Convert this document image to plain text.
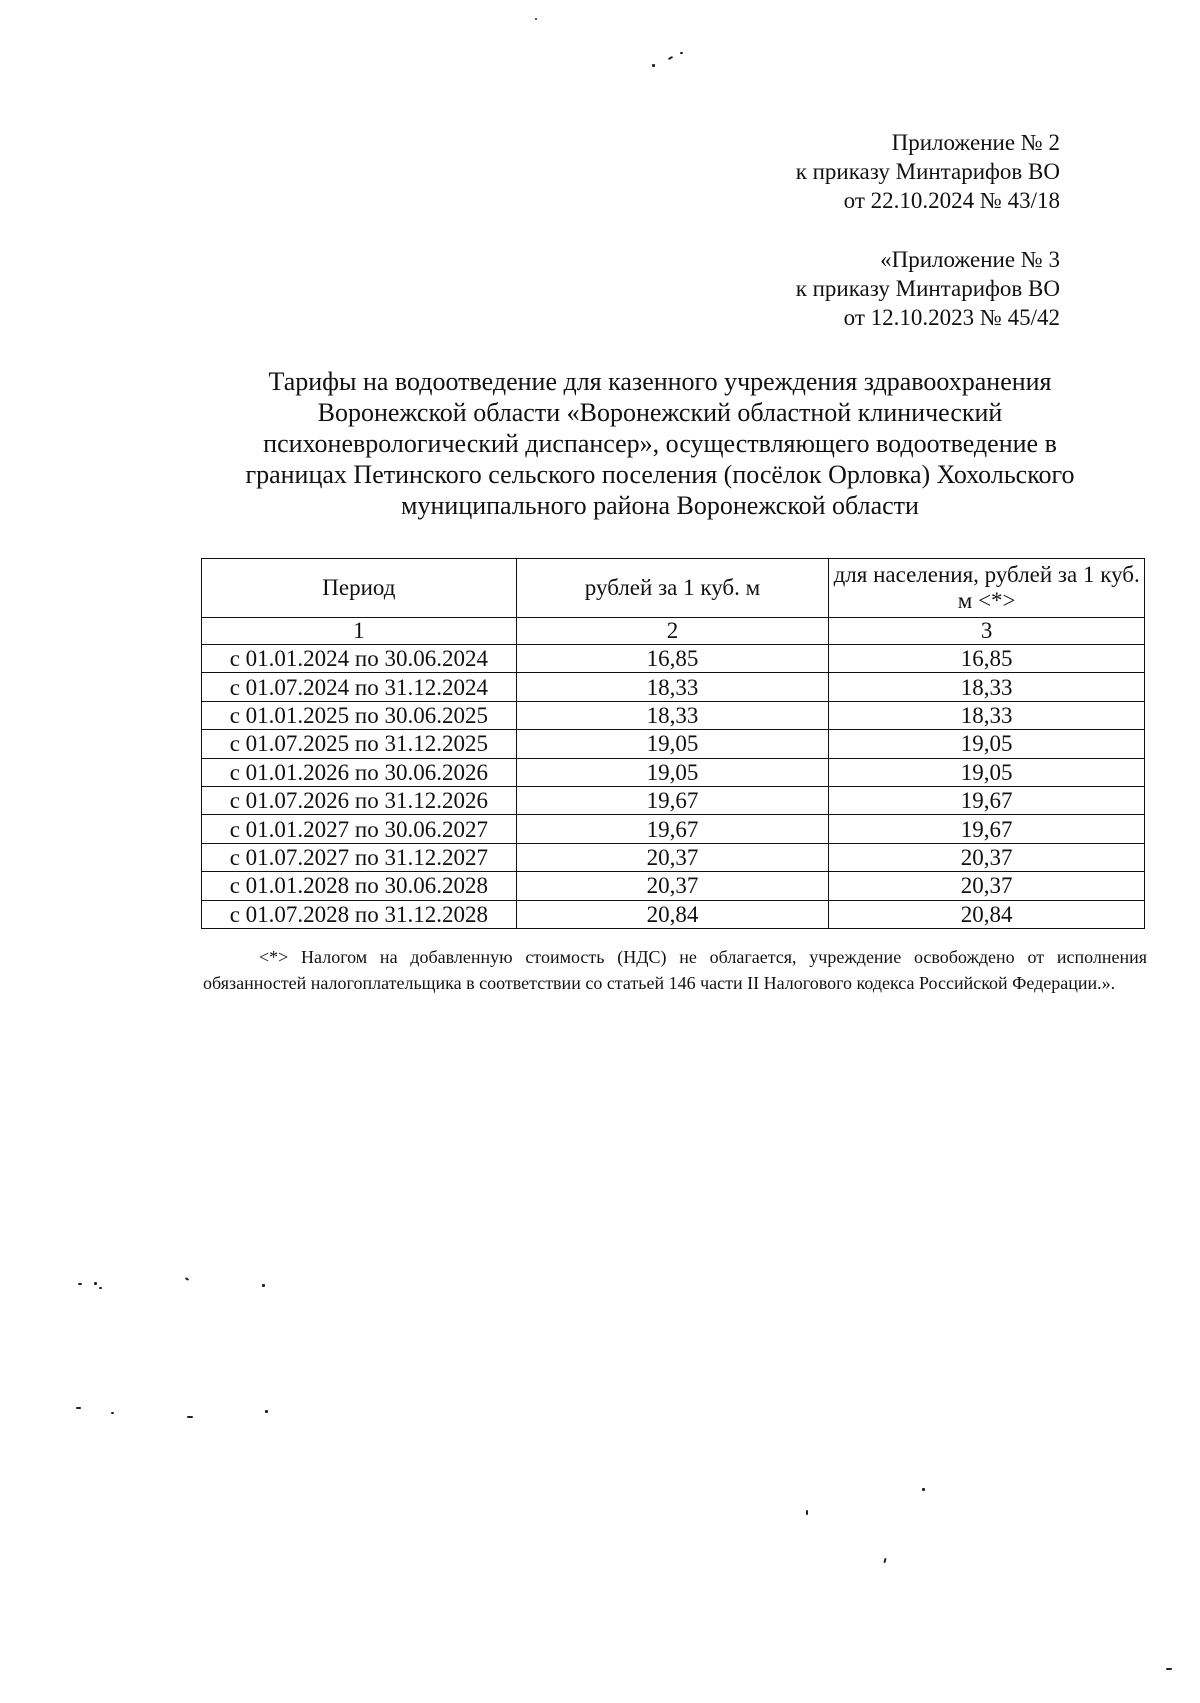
Приложение № 2
к приказу Минтарифов ВО
от 22.10.2024 № 43/18
«Приложение № 3
к приказу Минтарифов ВО
от 12.10.2023 № 45/42
Тарифы на водоотведение для казенного учреждения здравоохранения
Воронежской области «Воронежский областной клинический
психоневрологический диспансер», осуществляющего водоотведение в
границах Петинского сельского поселения (посёлок Орловка) Хохольского
муниципального района Воронежской области
Период	рублей за 1 куб. м	для населения, рублей за 1 куб. м <*>
1	2	3
с 01.01.2024 по 30.06.2024	16,85	16,85
с 01.07.2024 по 31.12.2024	18,33	18,33
с 01.01.2025 по 30.06.2025	18,33	18,33
с 01.07.2025 по 31.12.2025	19,05	19,05
с 01.01.2026 по 30.06.2026	19,05	19,05
с 01.07.2026 по 31.12.2026	19,67	19,67
с 01.01.2027 по 30.06.2027	19,67	19,67
с 01.07.2027 по 31.12.2027	20,37	20,37
с 01.01.2028 по 30.06.2028	20,37	20,37
с 01.07.2028 по 31.12.2028	20,84	20,84
<*> Налогом на добавленную стоимость (НДС) не облагается, учреждение освобождено от исполнения обязанностей налогоплательщика в соответствии со статьей 146 части II Налогового кодекса Российской Федерации.».
